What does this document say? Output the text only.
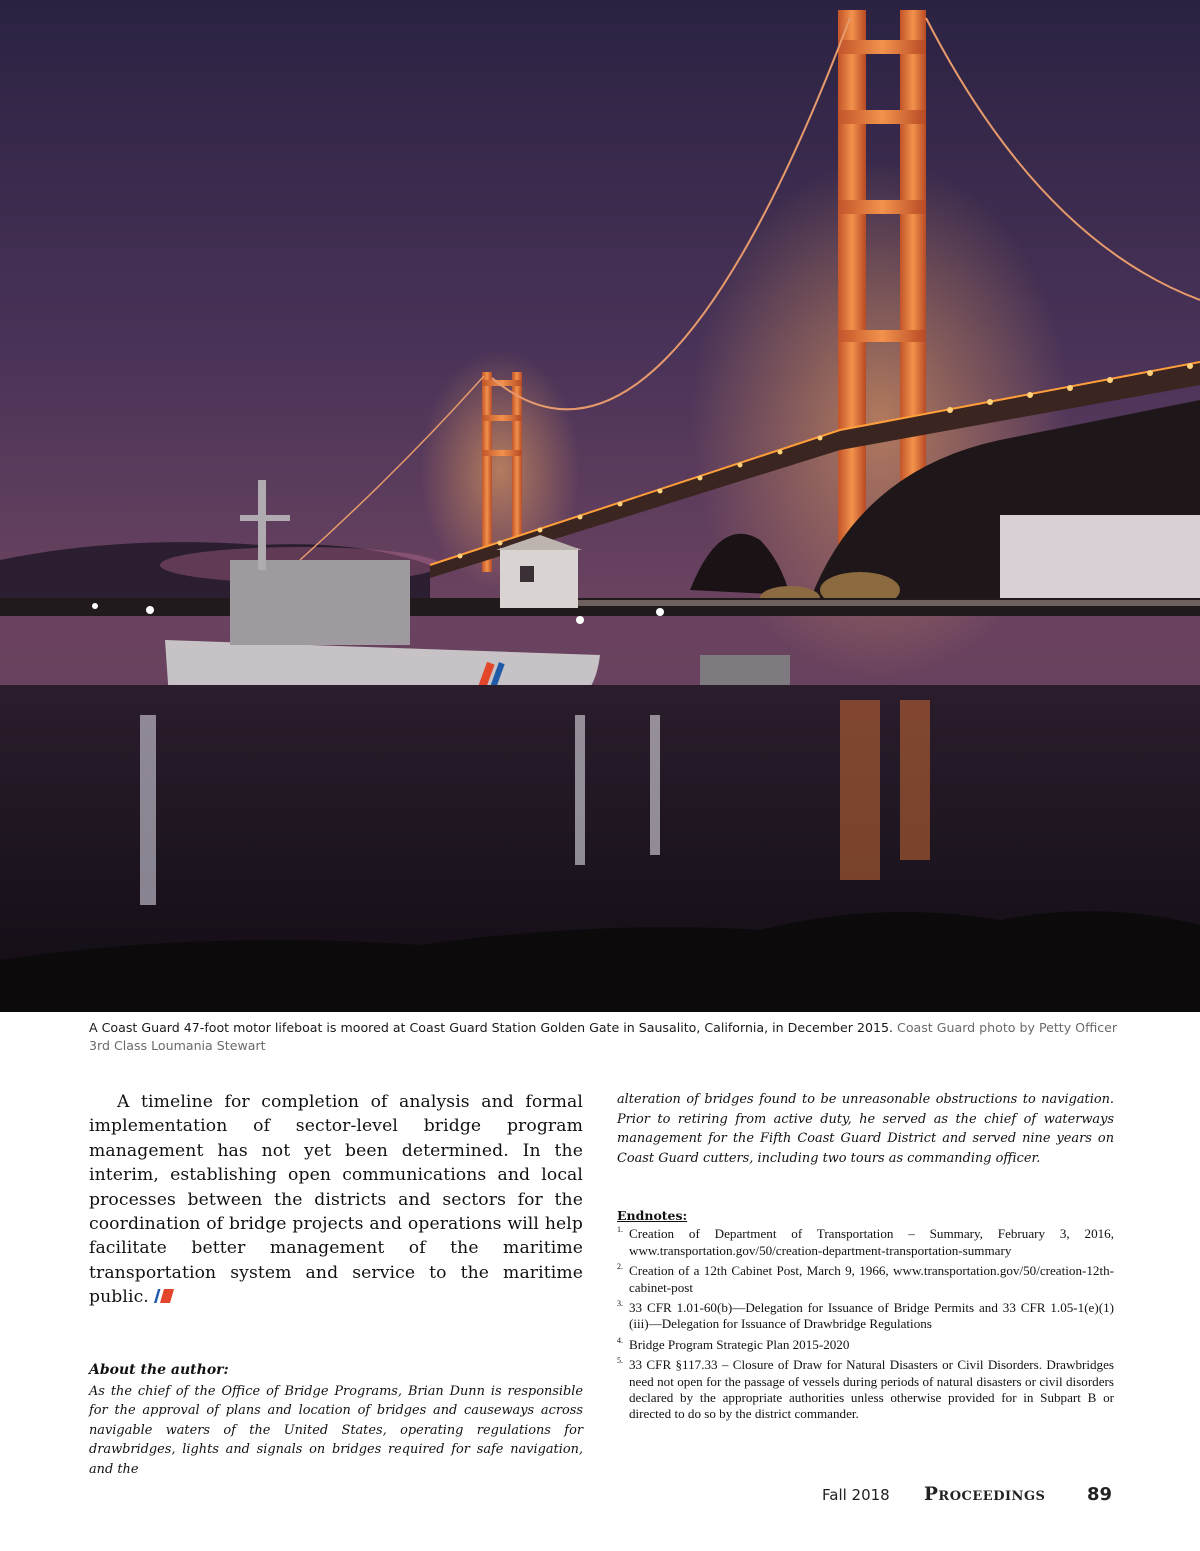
A Coast Guard 47-foot motor lifeboat is moored at Coast Guard Station Golden Gate in Sausalito, California, in December 2015. Coast Guard photo by Petty Officer 3rd Class Loumania Stewart

A timeline for completion of analysis and formal implementation of sector-level bridge program management has not yet been determined. In the interim, establishing open communications and local processes between the districts and sectors for the coordination of bridge projects and operations will help facilitate better management of the maritime transportation system and service to the maritime public.

About the author:

As the chief of the Office of Bridge Programs, Brian Dunn is responsible for the approval of plans and location of bridges and causeways across navigable waters of the United States, operating regulations for drawbridges, lights and signals on bridges required for safe navigation, and the

alteration of bridges found to be unreasonable obstructions to navigation. Prior to retiring from active duty, he served as the chief of waterways management for the Fifth Coast Guard District and served nine years on Coast Guard cutters, including two tours as commanding officer.

Endnotes:
1. Creation of Department of Transportation – Summary, February 3, 2016, www.transportation.gov/50/creation-department-transportation-summary
2. Creation of a 12th Cabinet Post, March 9, 1966, www.transportation.gov/50/creation-12th-cabinet-post
3. 33 CFR 1.01-60(b)—Delegation for Issuance of Bridge Permits and 33 CFR 1.05-1(e)(1)(iii)—Delegation for Issuance of Drawbridge Regulations
4. Bridge Program Strategic Plan 2015-2020
5. 33 CFR §117.33 – Closure of Draw for Natural Disasters or Civil Disorders. Drawbridges need not open for the passage of vessels during periods of natural disasters or civil disorders declared by the appropriate authorities unless otherwise provided for in Subpart B or directed to do so by the district commander.
Fall 2018 Proceedings 89
